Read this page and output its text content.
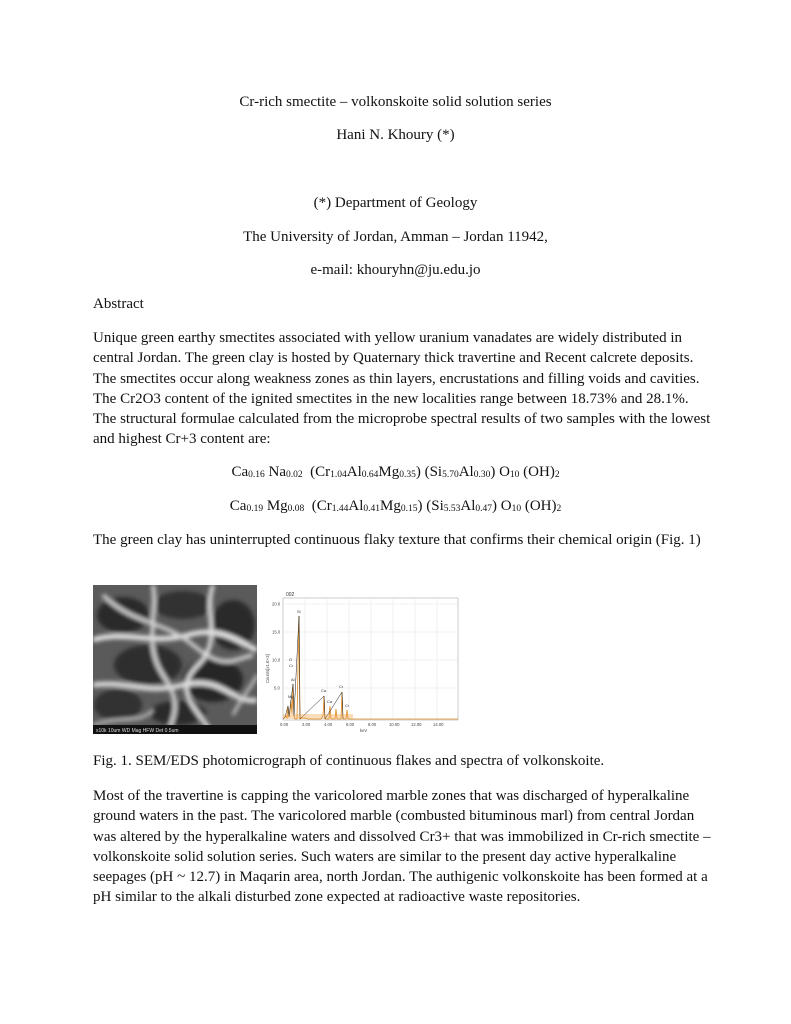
Cr-rich smectite – volkonskoite solid solution series
Hani N. Khoury (*)
(*) Department of Geology
The University of Jordan, Amman – Jordan 11942,
e-mail: khouryhn@ju.edu.jo
Abstract
Unique green earthy smectites associated with yellow uranium vanadates are widely distributed in central Jordan. The green clay is hosted by Quaternary thick travertine and Recent calcrete deposits. The smectites occur along weakness zones as thin layers, encrustations and filling voids and cavities. The Cr2O3 content of the ignited smectites in the new localities range between 18.73% and 28.1%. The structural formulae calculated from the microprobe spectral results of two samples with the lowest and highest Cr+3 content are:
$Ca_{0.16}$ $Na_{0.02}$  $(Cr_{1.04}Al_{0.64}Mg_{0.35})$ $(Si_{5.70}Al_{0.30})$ $O_{10}$ $(OH)_2$
$Ca_{0.19}$ $Mg_{0.08}$  $(Cr_{1.44}Al_{0.41}Mg_{0.15})$ $(Si_{5.53}Al_{0.47})$ $O_{10}$ $(OH)_2$
The green clay has uninterrupted continuous flaky texture that confirms their chemical origin (Fig. 1)
x10k 10um WD Mag HFW Det 0.5um
002
20.0
15.0
10.0
5.0
0.00	2.00	4.00	6.00	8.00	10.00	12.00	14.00
keV
Counts[x1.E+3]
Si
O
Cr
Al
Mg
Ca
Ca
Cr
Cr
Fig. 1. SEM/EDS photomicrograph of continuous flakes and spectra of volkonskoite.
Most of the travertine is capping the varicolored marble zones that was discharged of hyperalkaline ground waters in the past. The varicolored marble (combusted bituminous marl) from central Jordan was altered by the hyperalkaline waters and dissolved Cr3+ that was immobilized in Cr-rich smectite – volkonskoite solid solution series. Such waters are similar to the present day active hyperalkaline seepages (pH ~ 12.7) in Maqarin area, north Jordan. The authigenic volkonskoite has been formed at a pH similar to the alkali disturbed zone expected at radioactive waste repositories.
